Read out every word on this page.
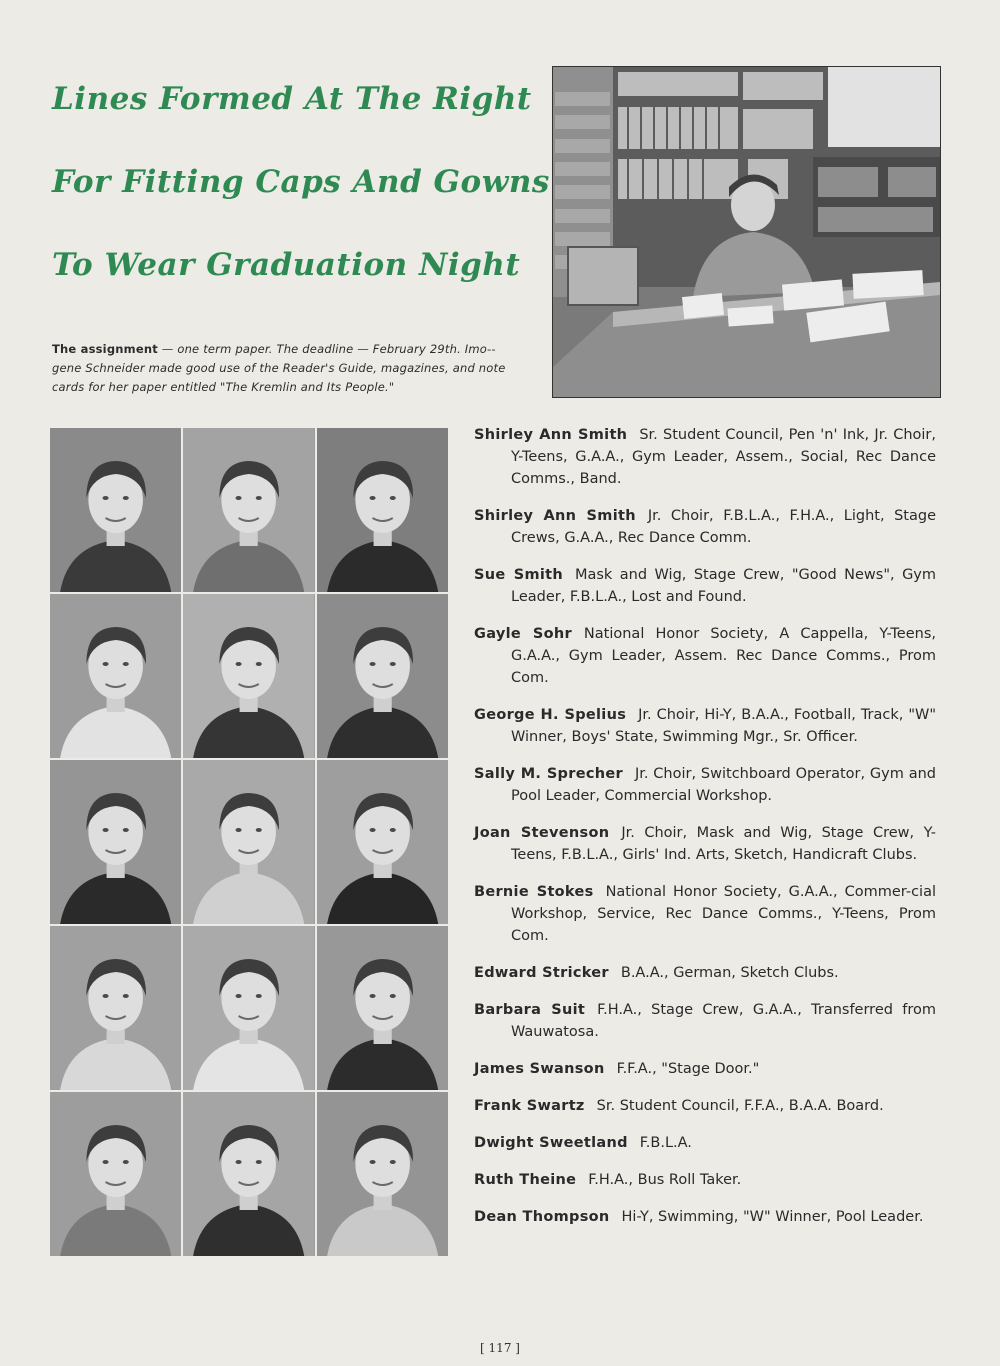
Lines Formed At The Right
For Fitting Caps And Gowns
To Wear Graduation Night
The assignment — one term paper. The deadline — February 29th. Imo- gene Schneider made good use of the Reader's Guide, magazines, and note cards for her paper entitled "The Kremlin and Its People."
Shirley Ann Smith Sr. Student Council, Pen 'n' Ink, Jr. Choir, Y-Teens, G.A.A., Gym Leader, Assem., Social, Rec Dance Comms., Band.
Shirley Ann Smith Jr. Choir, F.B.L.A., F.H.A., Light, Stage Crews, G.A.A., Rec Dance Comm.
Sue Smith Mask and Wig, Stage Crew, "Good News", Gym Leader, F.B.L.A., Lost and Found.
Gayle Sohr National Honor Society, A Cappella, Y-Teens, G.A.A., Gym Leader, Assem. Rec Dance Comms., Prom Com.
George H. Spelius Jr. Choir, Hi-Y, B.A.A., Football, Track, "W" Winner, Boys' State, Swimming Mgr., Sr. Officer.
Sally M. Sprecher Jr. Choir, Switchboard Operator, Gym and Pool Leader, Commercial Workshop.
Joan Stevenson Jr. Choir, Mask and Wig, Stage Crew, Y-Teens, F.B.L.A., Girls' Ind. Arts, Sketch, Handicraft Clubs.
Bernie Stokes National Honor Society, G.A.A., Commer-cial Workshop, Service, Rec Dance Comms., Y-Teens, Prom Com.
Edward Stricker B.A.A., German, Sketch Clubs.
Barbara Suit F.H.A., Stage Crew, G.A.A., Transferred from Wauwatosa.
James Swanson F.F.A., "Stage Door."
Frank Swartz Sr. Student Council, F.F.A., B.A.A. Board.
Dwight Sweetland F.B.L.A.
Ruth Theine F.H.A., Bus Roll Taker.
Dean Thompson Hi-Y, Swimming, "W" Winner, Pool Leader.
[ 117 ]
